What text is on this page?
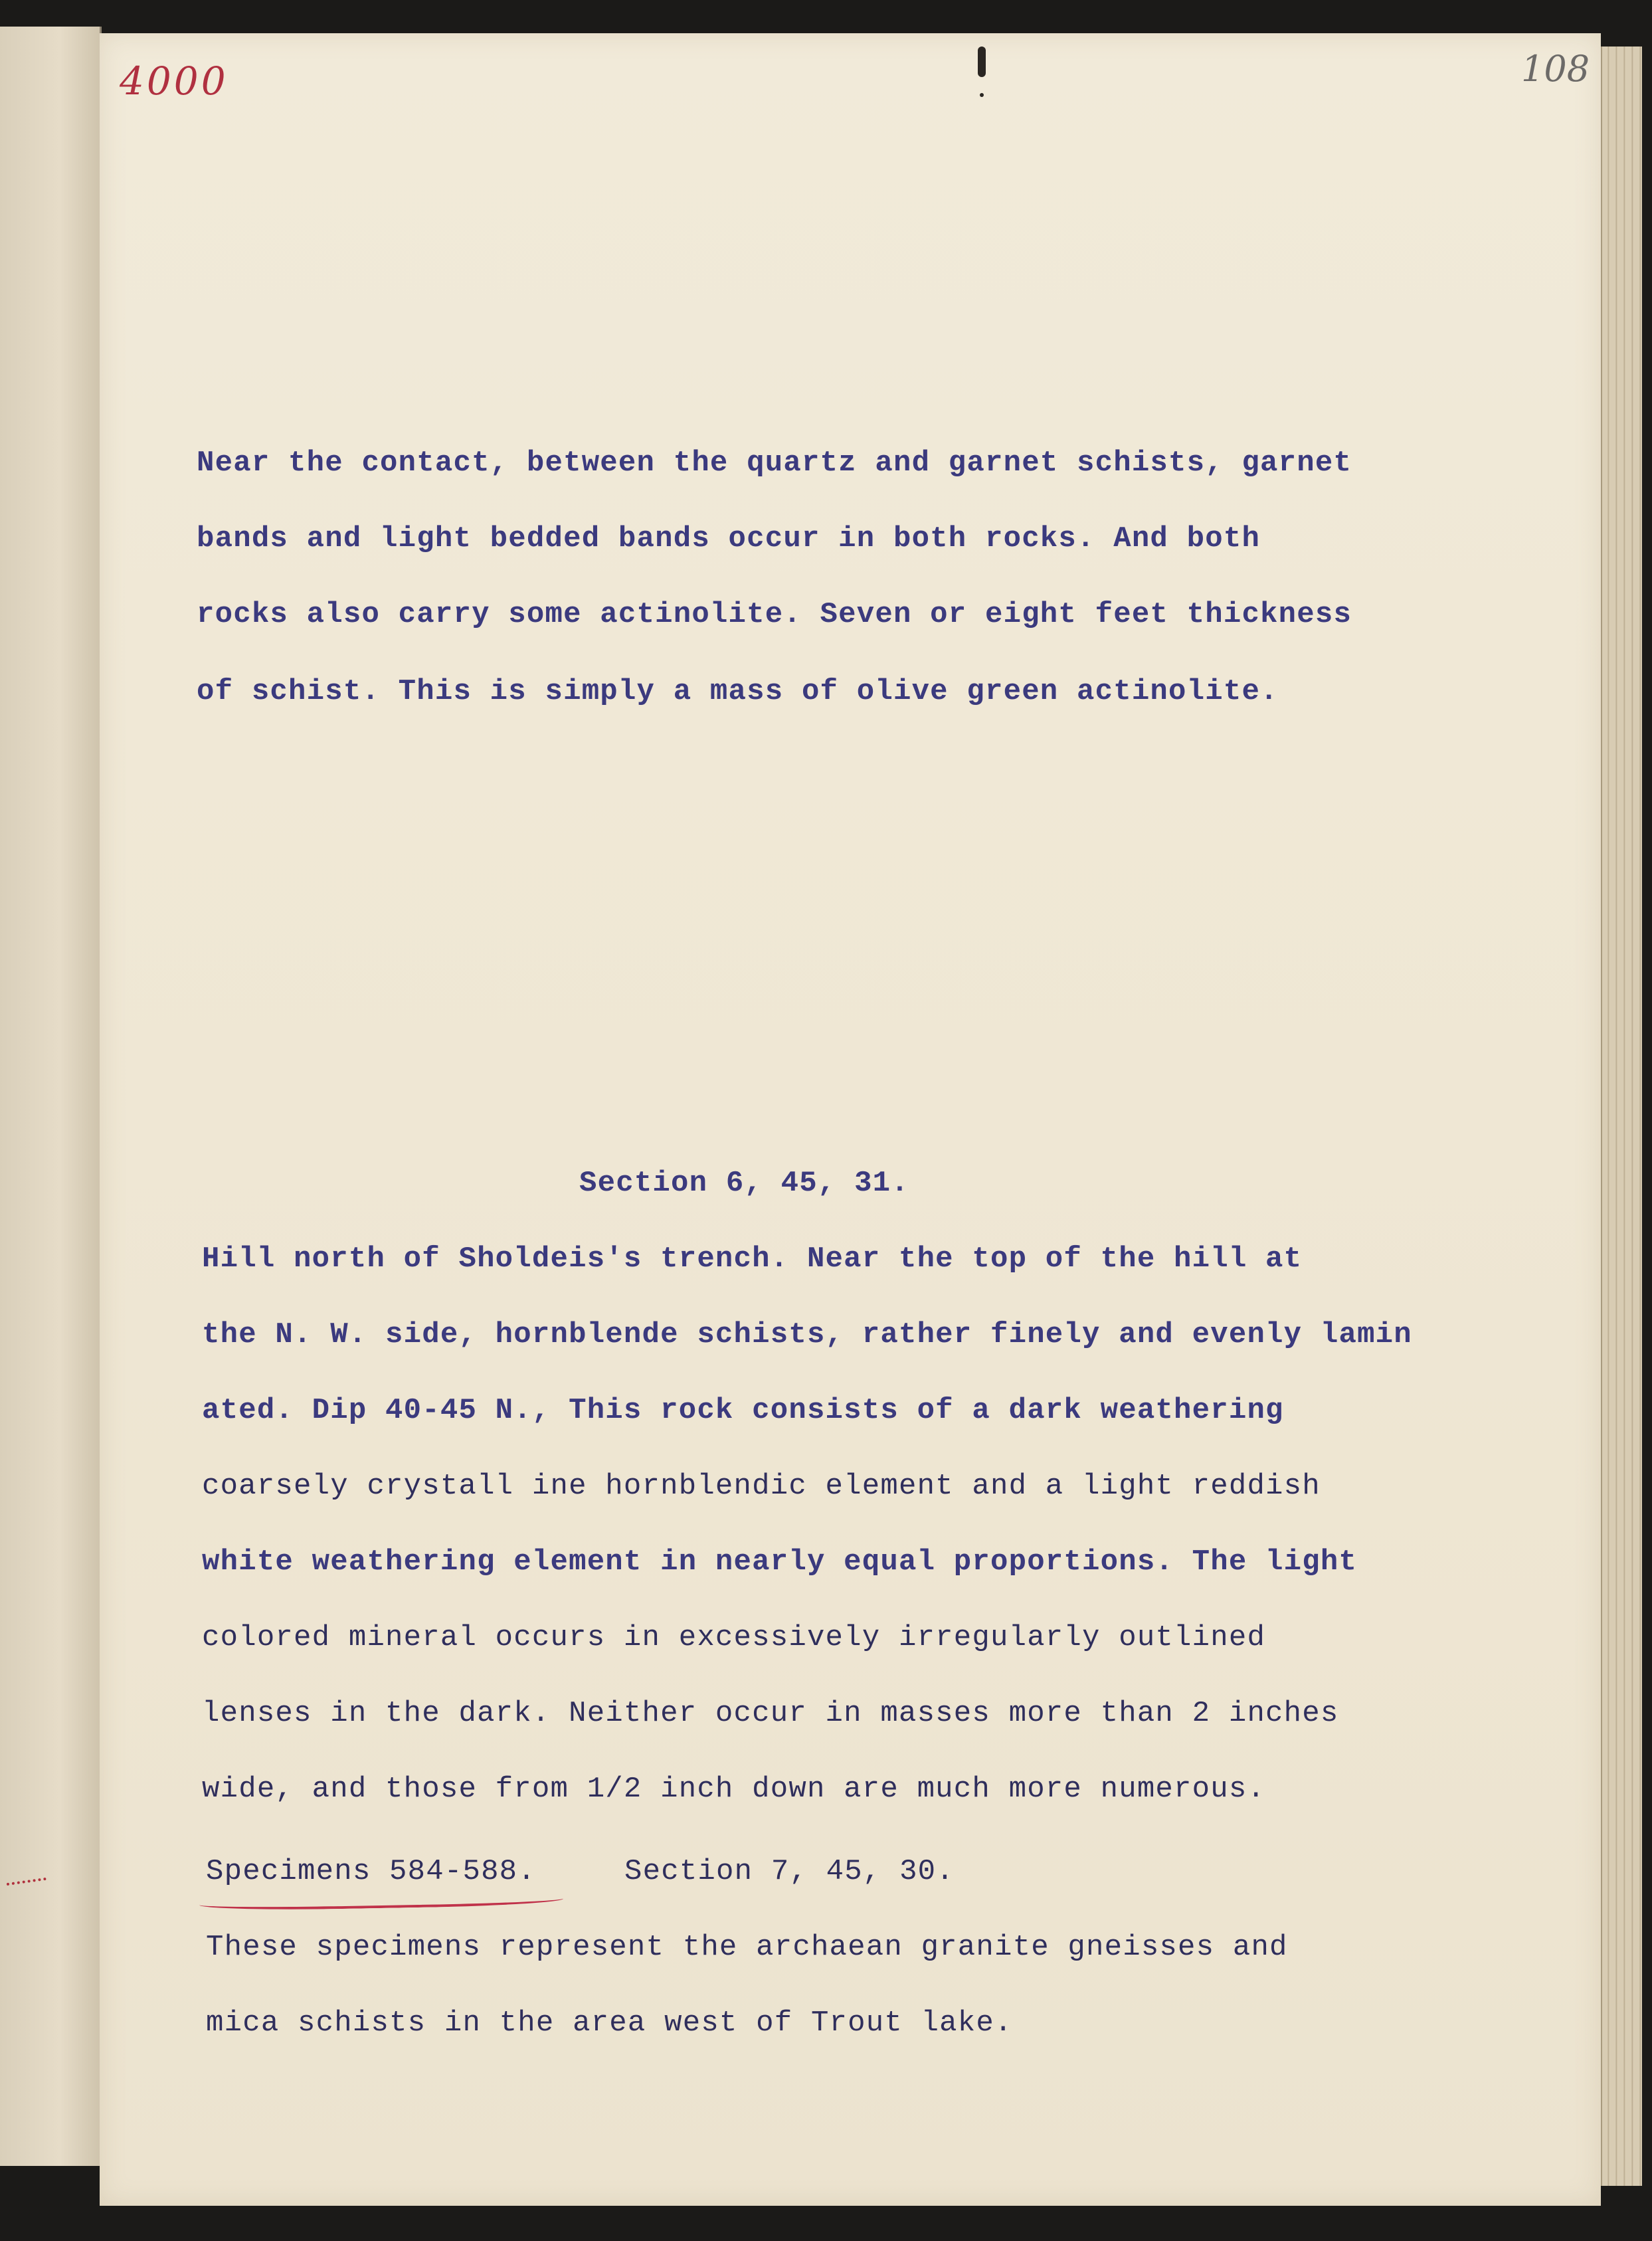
4000	108
Near the contact, between the quartz and garnet schists, garnet
bands and light bedded bands occur in both rocks. And both
rocks also carry some actinolite. Seven or eight feet thickness
of schist. This is simply a mass of olive green actinolite.
Section 6, 45, 31.
Hill north of Sholdeis's trench. Near the top of the hill at
the N. W. side, hornblende schists, rather finely and evenly lamin
ated. Dip 40-45 N., This rock consists of a dark weathering
coarsely crystall ine hornblendic element and a light reddish
white weathering element in nearly equal proportions. The light
colored mineral occurs in excessively irregularly outlined
lenses in the dark. Neither occur in masses more than 2 inches
wide, and those from 1/2 inch down are much more numerous.
Specimens 584-588.	Section 7, 45, 30.
These specimens represent the archaean granite gneisses and
mica schists in the area west of Trout lake.
